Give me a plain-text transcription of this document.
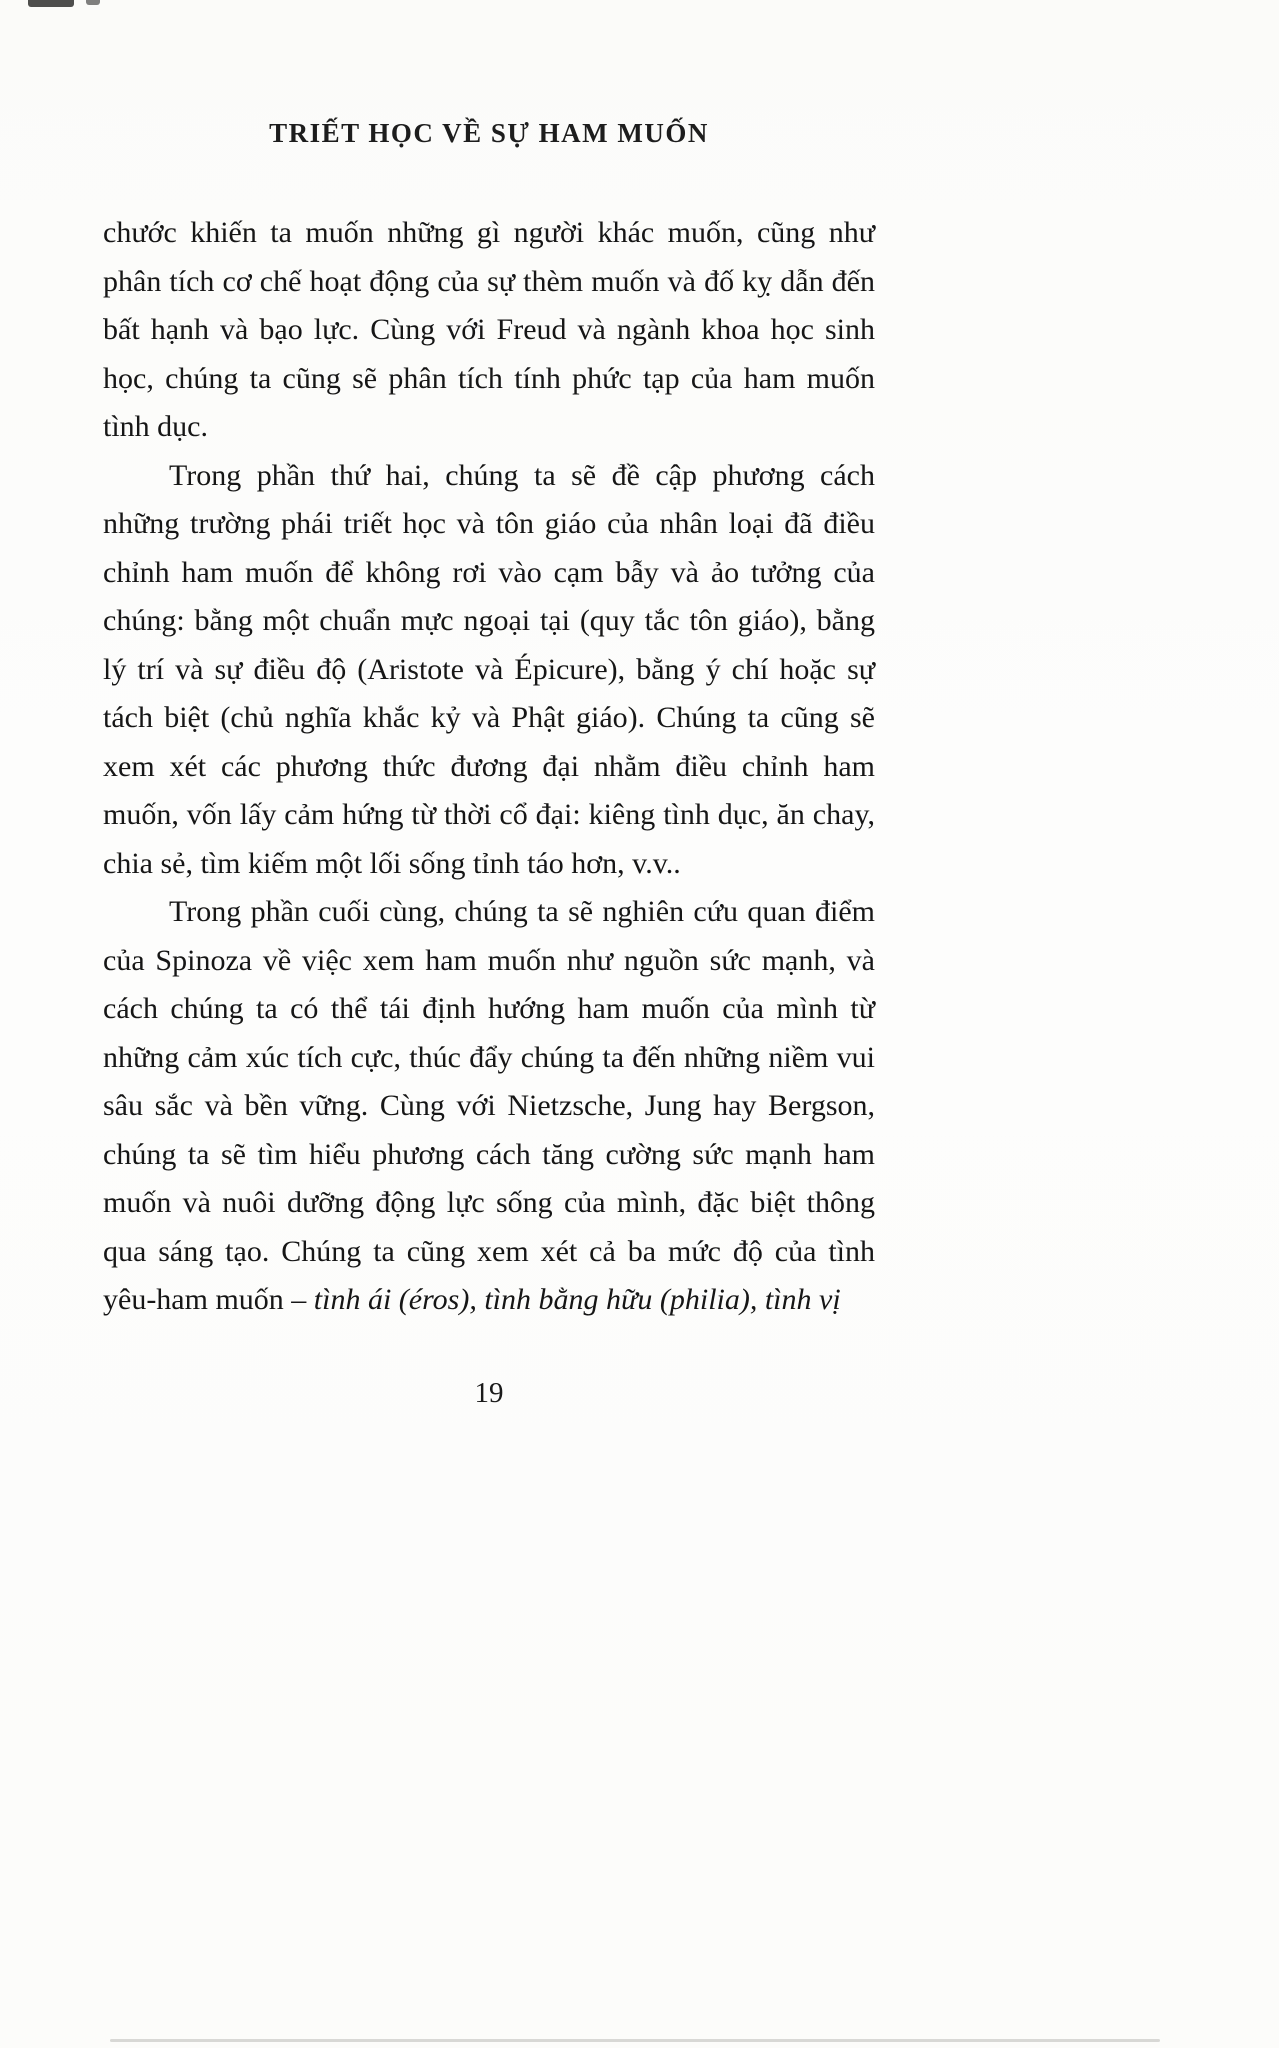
TRIẾT HỌC VỀ SỰ HAM MUỐN

chước khiến ta muốn những gì người khác muốn, cũng như phân tích cơ chế hoạt động của sự thèm muốn và đố kỵ dẫn đến bất hạnh và bạo lực. Cùng với Freud và ngành khoa học sinh học, chúng ta cũng sẽ phân tích tính phức tạp của ham muốn tình dục.

Trong phần thứ hai, chúng ta sẽ đề cập phương cách những trường phái triết học và tôn giáo của nhân loại đã điều chỉnh ham muốn để không rơi vào cạm bẫy và ảo tưởng của chúng: bằng một chuẩn mực ngoại tại (quy tắc tôn giáo), bằng lý trí và sự điều độ (Aristote và Épicure), bằng ý chí hoặc sự tách biệt (chủ nghĩa khắc kỷ và Phật giáo). Chúng ta cũng sẽ xem xét các phương thức đương đại nhằm điều chỉnh ham muốn, vốn lấy cảm hứng từ thời cổ đại: kiêng tình dục, ăn chay, chia sẻ, tìm kiếm một lối sống tỉnh táo hơn, v.v..

Trong phần cuối cùng, chúng ta sẽ nghiên cứu quan điểm của Spinoza về việc xem ham muốn như nguồn sức mạnh, và cách chúng ta có thể tái định hướng ham muốn của mình từ những cảm xúc tích cực, thúc đẩy chúng ta đến những niềm vui sâu sắc và bền vững. Cùng với Nietzsche, Jung hay Bergson, chúng ta sẽ tìm hiểu phương cách tăng cường sức mạnh ham muốn và nuôi dưỡng động lực sống của mình, đặc biệt thông qua sáng tạo. Chúng ta cũng xem xét cả ba mức độ của tình yêu-ham muốn – tình ái (éros), tình bằng hữu (philia), tình vị

19
